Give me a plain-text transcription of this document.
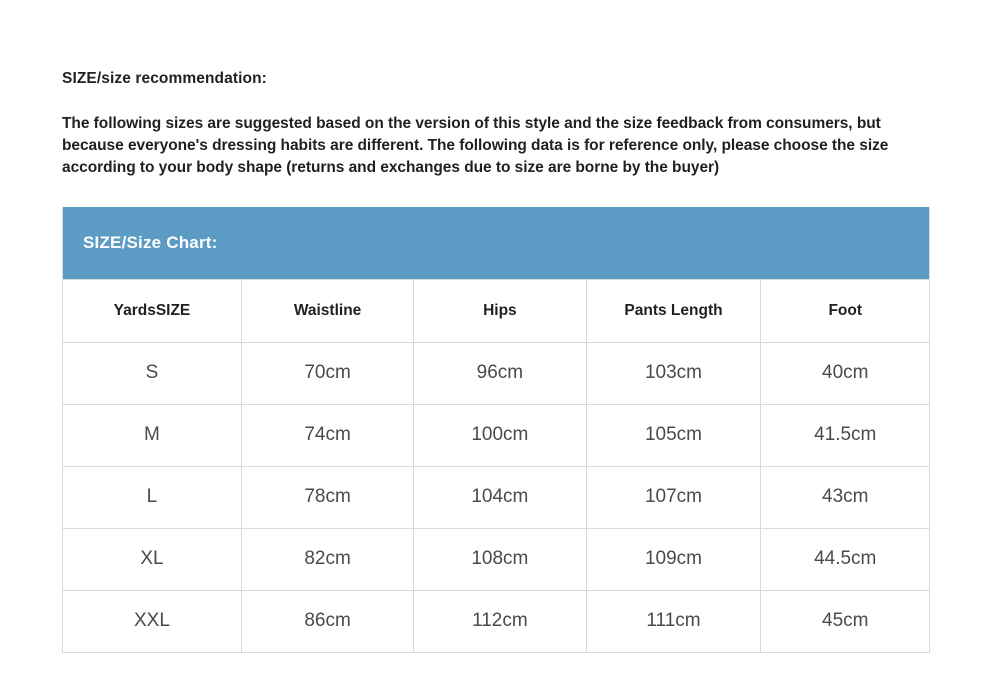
SIZE/size recommendation:
The following sizes are suggested based on the version of this style and the size feedback from consumers, but because everyone's dressing habits are different. The following data is for reference only, please choose the size according to your body shape (returns and exchanges due to size are borne by the buyer)
SIZE/Size Chart:
YardsSIZE	Waistline	Hips	Pants Length	Foot
S	70cm	96cm	103cm	40cm
M	74cm	100cm	105cm	41.5cm
L	78cm	104cm	107cm	43cm
XL	82cm	108cm	109cm	44.5cm
XXL	86cm	112cm	111cm	45cm
